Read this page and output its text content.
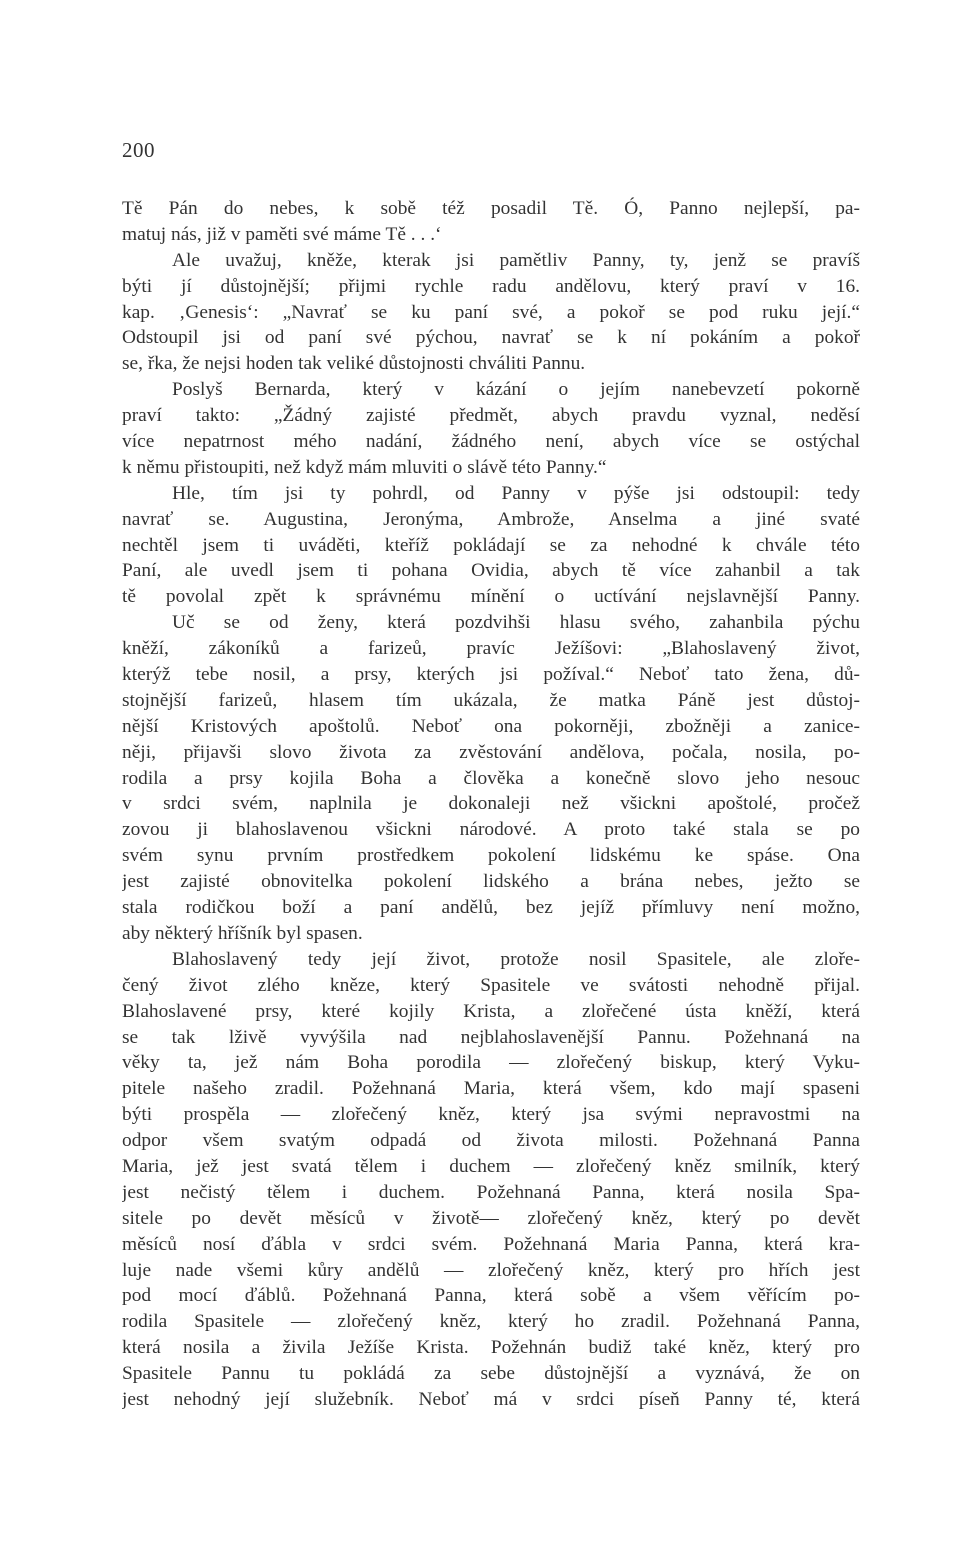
200
Tě Pán do nebes, k sobě též posadil Tě. Ó, Panno nejlepší, pa-
matuj nás, již v paměti své máme Tě . . .‘
Ale uvažuj, kněže, kterak jsi pamětliv Panny, ty, jenž se pravíš
býti jí důstojnější; přijmi rychle radu andělovu, který praví v 16.
kap. ‚Genesis‘: „Navrať se ku paní své, a pokoř se pod ruku její.“
Odstoupil jsi od paní své pýchou, navrať se k ní pokáním a pokoř
se, řka, že nejsi hoden tak veliké důstojnosti chváliti Pannu.
Poslyš Bernarda, který v kázání o jejím nanebevzetí pokorně
praví takto: „Žádný zajisté předmět, abych pravdu vyznal, neděsí
více nepatrnost mého nadání, žádného není, abych více se ostýchal
k němu přistoupiti, než když mám mluviti o slávě této Panny.“
Hle, tím jsi ty pohrdl, od Panny v pýše jsi odstoupil: tedy
navrať se. Augustina, Jeronýma, Ambrože, Anselma a jiné svaté
nechtěl jsem ti uváděti, kteříž pokládají se za nehodné k chvále této
Paní, ale uvedl jsem ti pohana Ovidia, abych tě více zahanbil a tak
tě povolal zpět k správnému mínění o uctívání nejslavnější Panny.
Uč se od ženy, která pozdvihši hlasu svého, zahanbila pýchu
kněží, zákoníků a farizeů, pravíc Ježíšovi: „Blahoslavený život,
kterýž tebe nosil, a prsy, kterých jsi požíval.“ Neboť tato žena, dů-
stojnější farizeů, hlasem tím ukázala, že matka Páně jest důstoj-
nější Kristových apoštolů. Neboť ona pokorněji, zbožněji a zanice-
něji, přijavši slovo života za zvěstování andělova, počala, nosila, po-
rodila a prsy kojila Boha a člověka a konečně slovo jeho nesouc
v srdci svém, naplnila je dokonaleji než všickni apoštolé, pročež
zovou ji blahoslavenou všickni národové. A proto také stala se po
svém synu prvním prostředkem pokolení lidskému ke spáse. Ona
jest zajisté obnovitelka pokolení lidského a brána nebes, ježto se
stala rodičkou boží a paní andělů, bez jejíž přímluvy není možno,
aby některý hříšník byl spasen.
Blahoslavený tedy její život, protože nosil Spasitele, ale zloře-
čený život zlého kněze, který Spasitele ve svátosti nehodně přijal.
Blahoslavené prsy, které kojily Krista, a zlořečené ústa kněží, která
se tak lživě vyvýšila nad nejblahoslavenější Pannu. Požehnaná na
věky ta, jež nám Boha porodila — zlořečený biskup, který Vyku-
pitele našeho zradil. Požehnaná Maria, která všem, kdo mají spaseni
býti prospěla — zlořečený kněz, který jsa svými nepravostmi na
odpor všem svatým odpadá od života milosti. Požehnaná Panna
Maria, jež jest svatá tělem i duchem — zlořečený kněz smilník, který
jest nečistý tělem i duchem. Požehnaná Panna, která nosila Spa-
sitele po devět měsíců v životě— zlořečený kněz, který po devět
měsíců nosí ďábla v srdci svém. Požehnaná Maria Panna, která kra-
luje nade všemi kůry andělů — zlořečený kněz, který pro hřích jest
pod mocí ďáblů. Požehnaná Panna, která sobě a všem věřícím po-
rodila Spasitele — zlořečený kněz, který ho zradil. Požehnaná Panna,
která nosila a živila Ježíše Krista. Požehnán budiž také kněz, který pro
Spasitele Pannu tu pokládá za sebe důstojnější a vyznává, že on
jest nehodný její služebník. Neboť má v srdci píseň Panny té, která
